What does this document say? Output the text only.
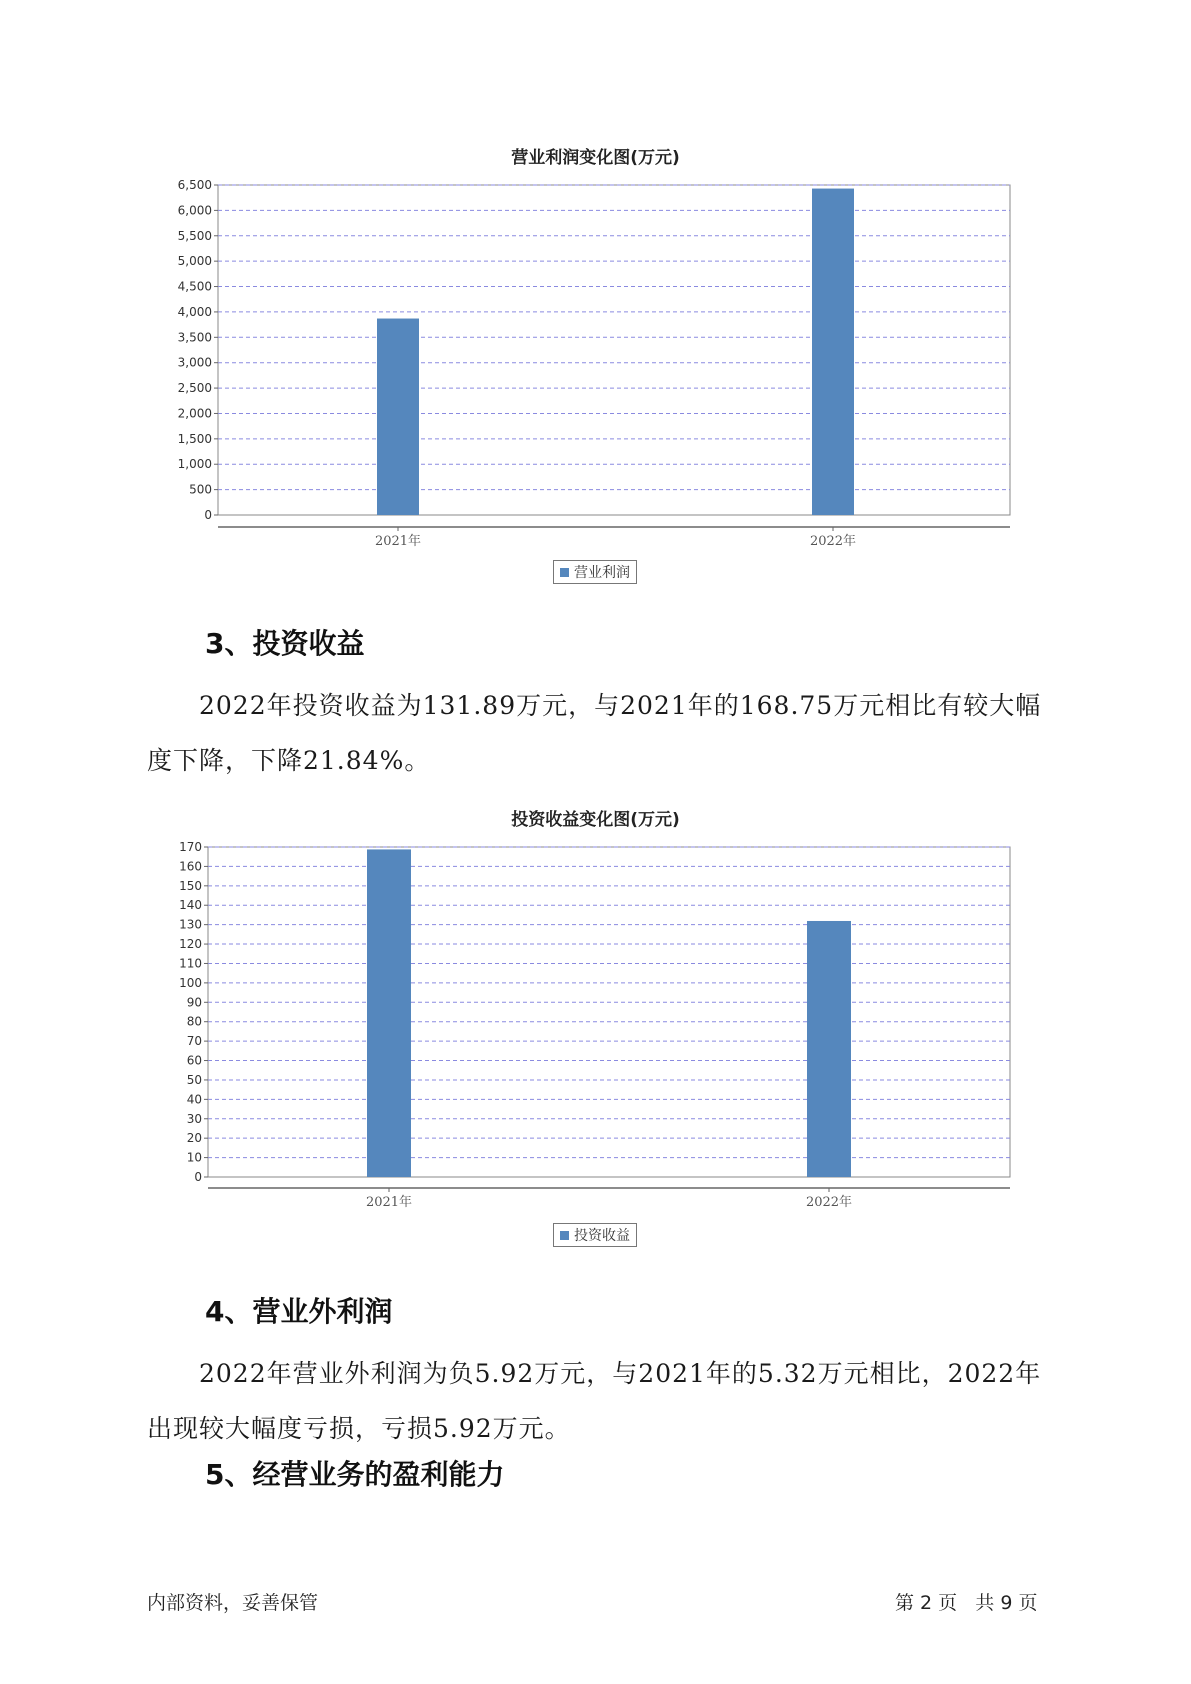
营业利润变化图(万元)
0
500
1,000
1,500
2,000
2,500
3,000
3,500
4,000
4,500
5,000
5,500
6,000
6,500
2021年	2022年
营业利润
3、投资收益
2022年投资收益为131.89万元，与2021年的168.75万元相比有较大幅度下降，下降21.84%。
投资收益变化图(万元)
0
10
20
30
40
50
60
70
80
90
100
110
120
130
140
150
160
170
2021年	2022年
投资收益
4、营业外利润
2022年营业外利润为负5.92万元，与2021年的5.32万元相比，2022年出现较大幅度亏损，亏损5.92万元。
5、经营业务的盈利能力
内部资料，妥善保管	第 2 页   共 9 页
